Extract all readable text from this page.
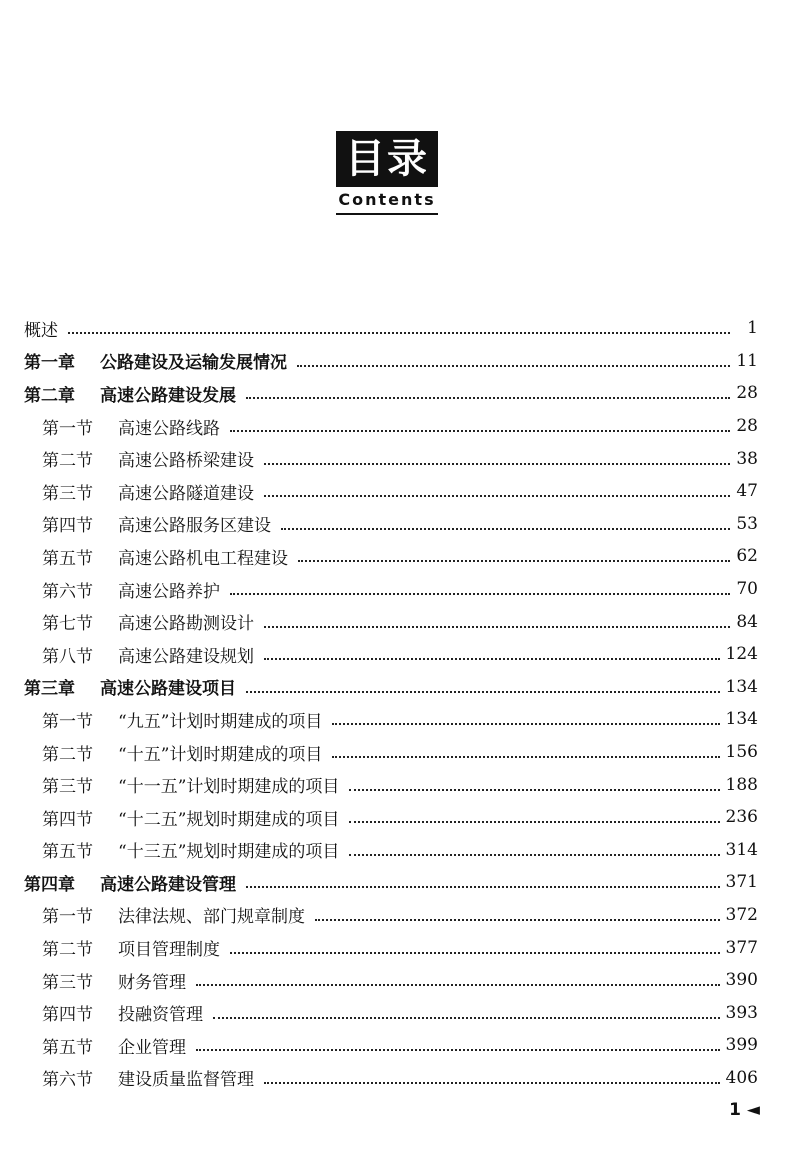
目录
Contents
概述	1
第一章	公路建设及运输发展情况	11
第二章	高速公路建设发展	28
第一节	高速公路线路	28
第二节	高速公路桥梁建设	38
第三节	高速公路隧道建设	47
第四节	高速公路服务区建设	53
第五节	高速公路机电工程建设	62
第六节	高速公路养护	70
第七节	高速公路勘测设计	84
第八节	高速公路建设规划	124
第三章	高速公路建设项目	134
第一节	“九五”计划时期建成的项目	134
第二节	“十五”计划时期建成的项目	156
第三节	“十一五”计划时期建成的项目	188
第四节	“十二五”规划时期建成的项目	236
第五节	“十三五”规划时期建成的项目	314
第四章	高速公路建设管理	371
第一节	法律法规、部门规章制度	372
第二节	项目管理制度	377
第三节	财务管理	390
第四节	投融资管理	393
第五节	企业管理	399
第六节	建设质量监督管理	406
1 ◄
